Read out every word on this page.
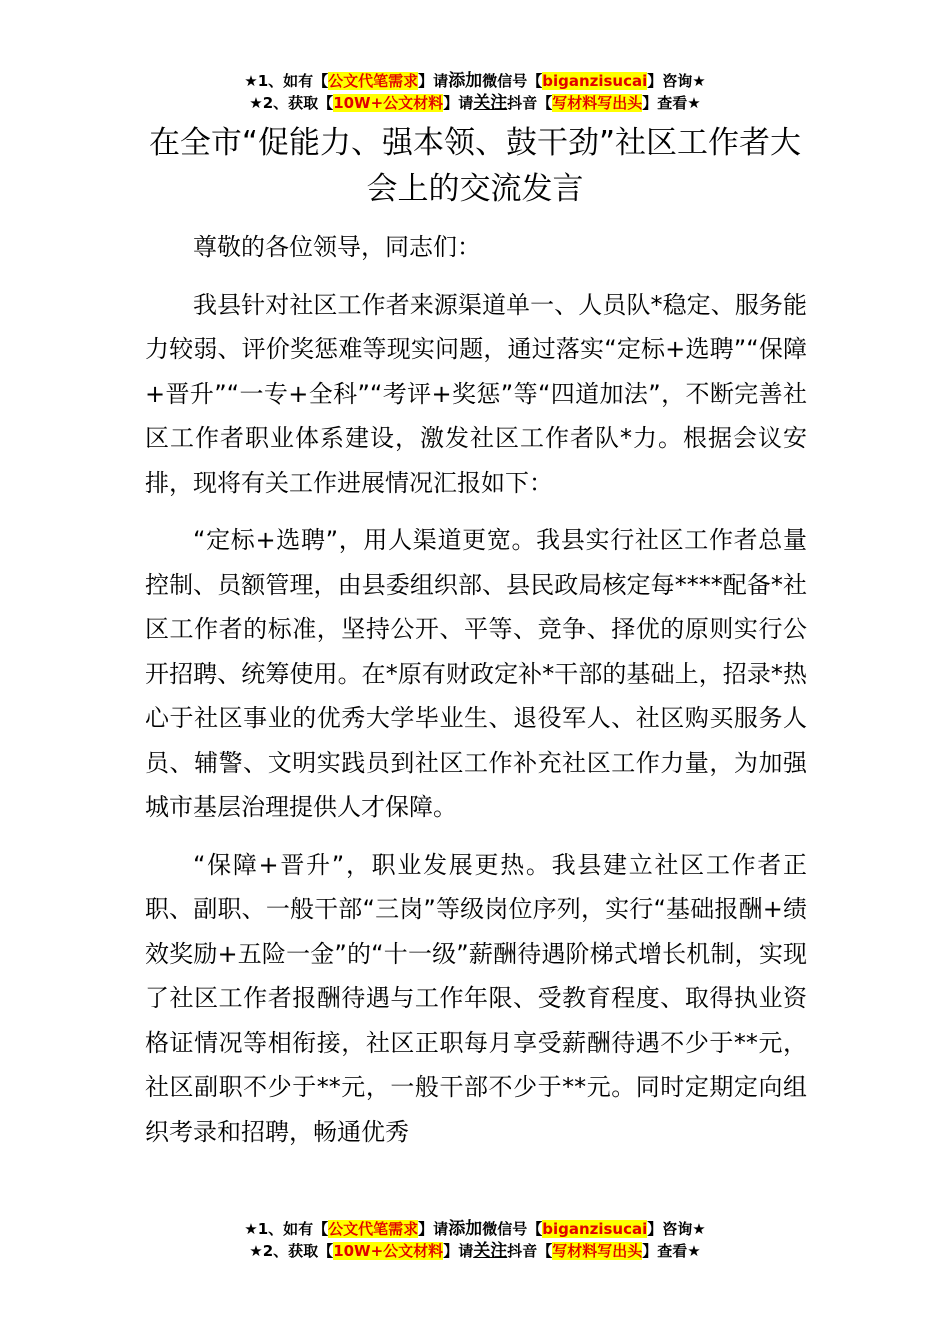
★1、如有【公文代笔需求】请添加微信号【biganzisucai】咨询★
★2、获取【10W+公文材料】请关注抖音【写材料写出头】查看★
在全市“促能力、强本领、鼓干劲”社区工作者大会上的交流发言

尊敬的各位领导，同志们：

我县针对社区工作者来源渠道单一、人员队*稳定、服务能力较弱、评价奖惩难等现实问题，通过落实“定标+选聘”“保障+晋升”“一专+全科”“考评+奖惩”等“四道加法”，不断完善社区工作者职业体系建设，激发社区工作者队*力。根据会议安排，现将有关工作进展情况汇报如下：

“定标+选聘”，用人渠道更宽。我县实行社区工作者总量控制、员额管理，由县委组织部、县民政局核定每****配备*社区工作者的标准，坚持公开、平等、竞争、择优的原则实行公开招聘、统筹使用。在*原有财政定补*干部的基础上，招录*热心于社区事业的优秀大学毕业生、退役军人、社区购买服务人员、辅警、文明实践员到社区工作补充社区工作力量，为加强城市基层治理提供人才保障。

“保障+晋升”，职业发展更热。我县建立社区工作者正职、副职、一般干部“三岗”等级岗位序列，实行“基础报酬+绩效奖励+五险一金”的“十一级”薪酬待遇阶梯式增长机制，实现了社区工作者报酬待遇与工作年限、受教育程度、取得执业资格证情况等相衔接，社区正职每月享受薪酬待遇不少于**元，社区副职不少于**元，一般干部不少于**元。同时定期定向组织考录和招聘，畅通优秀

★1、如有【公文代笔需求】请添加微信号【biganzisucai】咨询★
★2、获取【10W+公文材料】请关注抖音【写材料写出头】查看★
